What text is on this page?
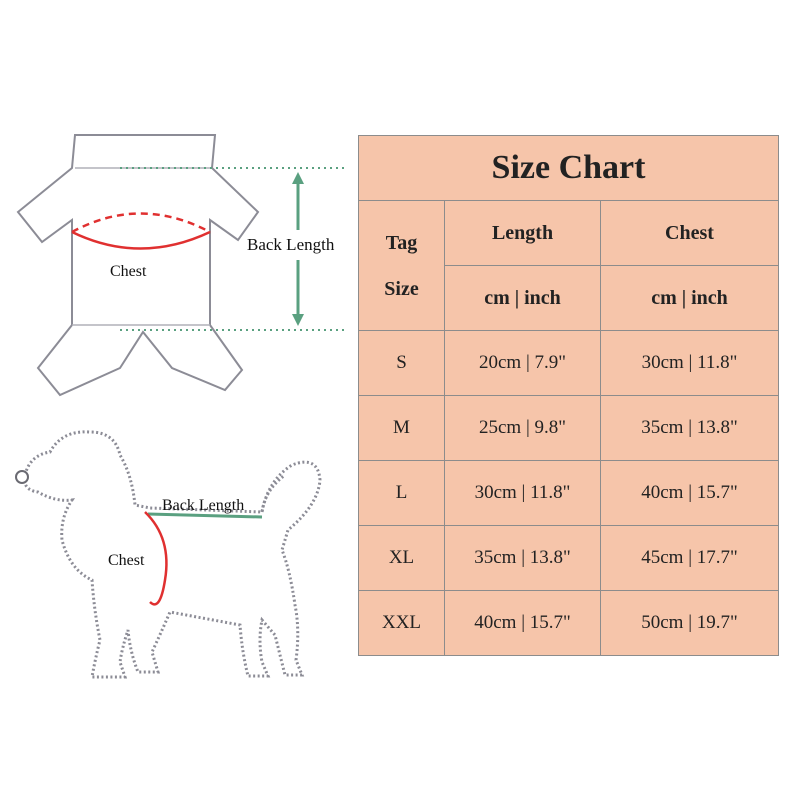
Chest
Back Length
Back Length
Chest
Size Chart		

Tag
Size	Length	Chest
	cm | inch	cm | inch
S	20cm | 7.9"	30cm | 11.8"
M	25cm | 9.8"	35cm | 13.8"
L	30cm | 11.8"	40cm | 15.7"
XL	35cm | 13.8"	45cm | 17.7"
XXL	40cm | 15.7"	50cm | 19.7"
